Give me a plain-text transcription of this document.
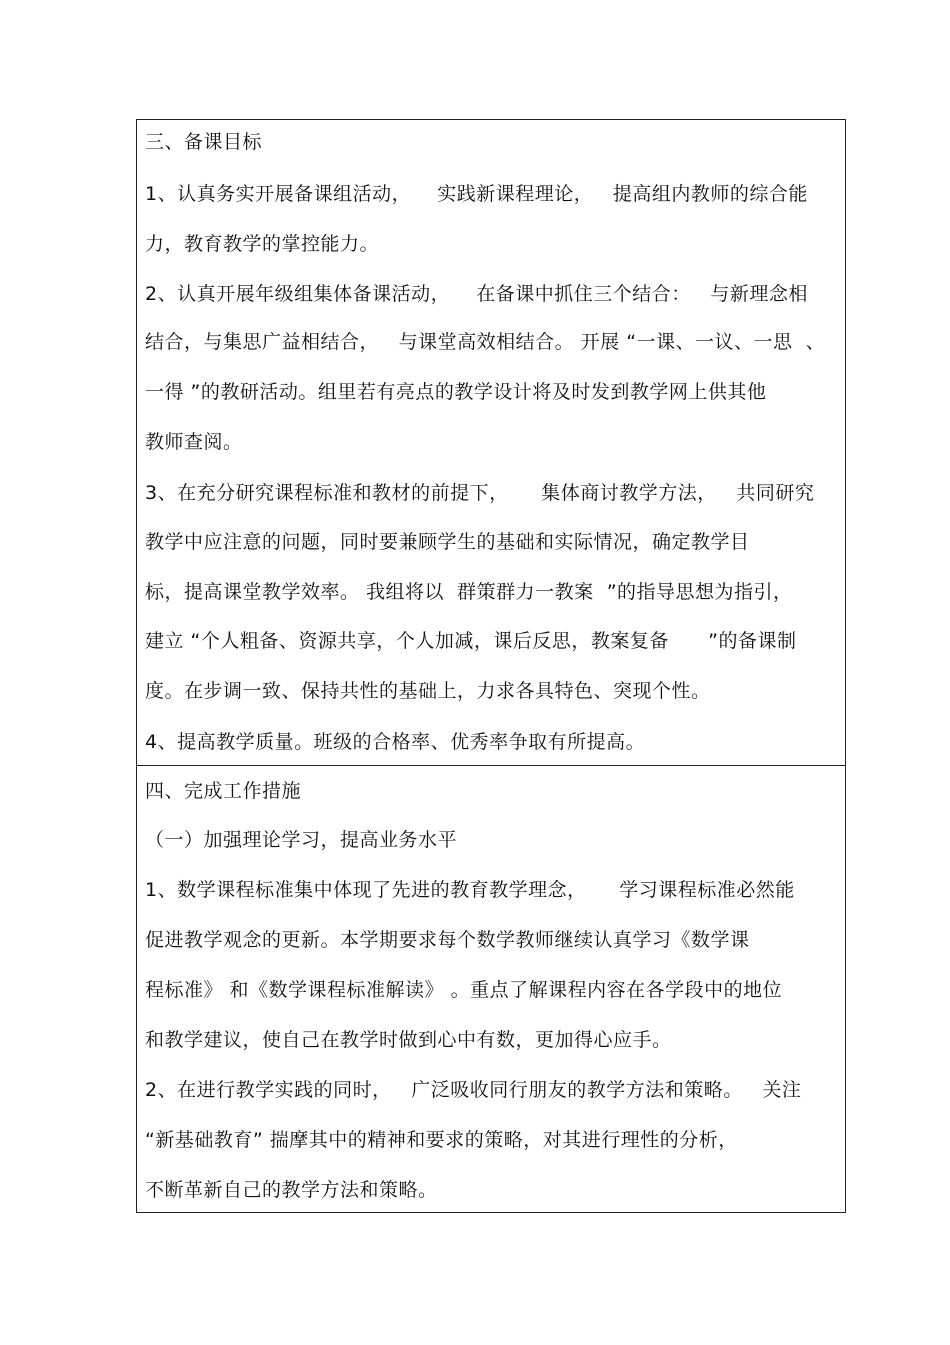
三、备课目标
1、认真务实开展备课组活动，    实践新课程理论，   提高组内教师的综合能
力，教育教学的掌控能力。
2、认真开展年级组集体备课活动，    在备课中抓住三个结合：   与新理念相
结合，与集思广益相结合，   与课堂高效相结合。 开展 “一课、一议、一思  、
一得 ”的教研活动。组里若有亮点的教学设计将及时发到教学网上供其他
教师查阅。
3、在充分研究课程标准和教材的前提下，     集体商讨教学方法，   共同研究
教学中应注意的问题，同时要兼顾学生的基础和实际情况，确定教学目
标，提高课堂教学效率。 我组将以  群策群力一教案  ”的指导思想为指引，
建立 “个人粗备、资源共享，个人加减，课后反思，教案复备      ”的备课制
度。在步调一致、保持共性的基础上，力求各具特色、突现个性。
4、提高教学质量。班级的合格率、优秀率争取有所提高。
四、完成工作措施
（一）加强理论学习，提高业务水平
1、数学课程标准集中体现了先进的教育教学理念，     学习课程标准必然能
促进教学观念的更新。本学期要求每个数学教师继续认真学习《数学课
程标准》 和《数学课程标准解读》 。重点了解课程内容在各学段中的地位
和教学建议，使自己在教学时做到心中有数，更加得心应手。
2、在进行教学实践的同时，   广泛吸收同行朋友的教学方法和策略。   关注
“新基础教育” 揣摩其中的精神和要求的策略，对其进行理性的分析，
不断革新自己的教学方法和策略。
